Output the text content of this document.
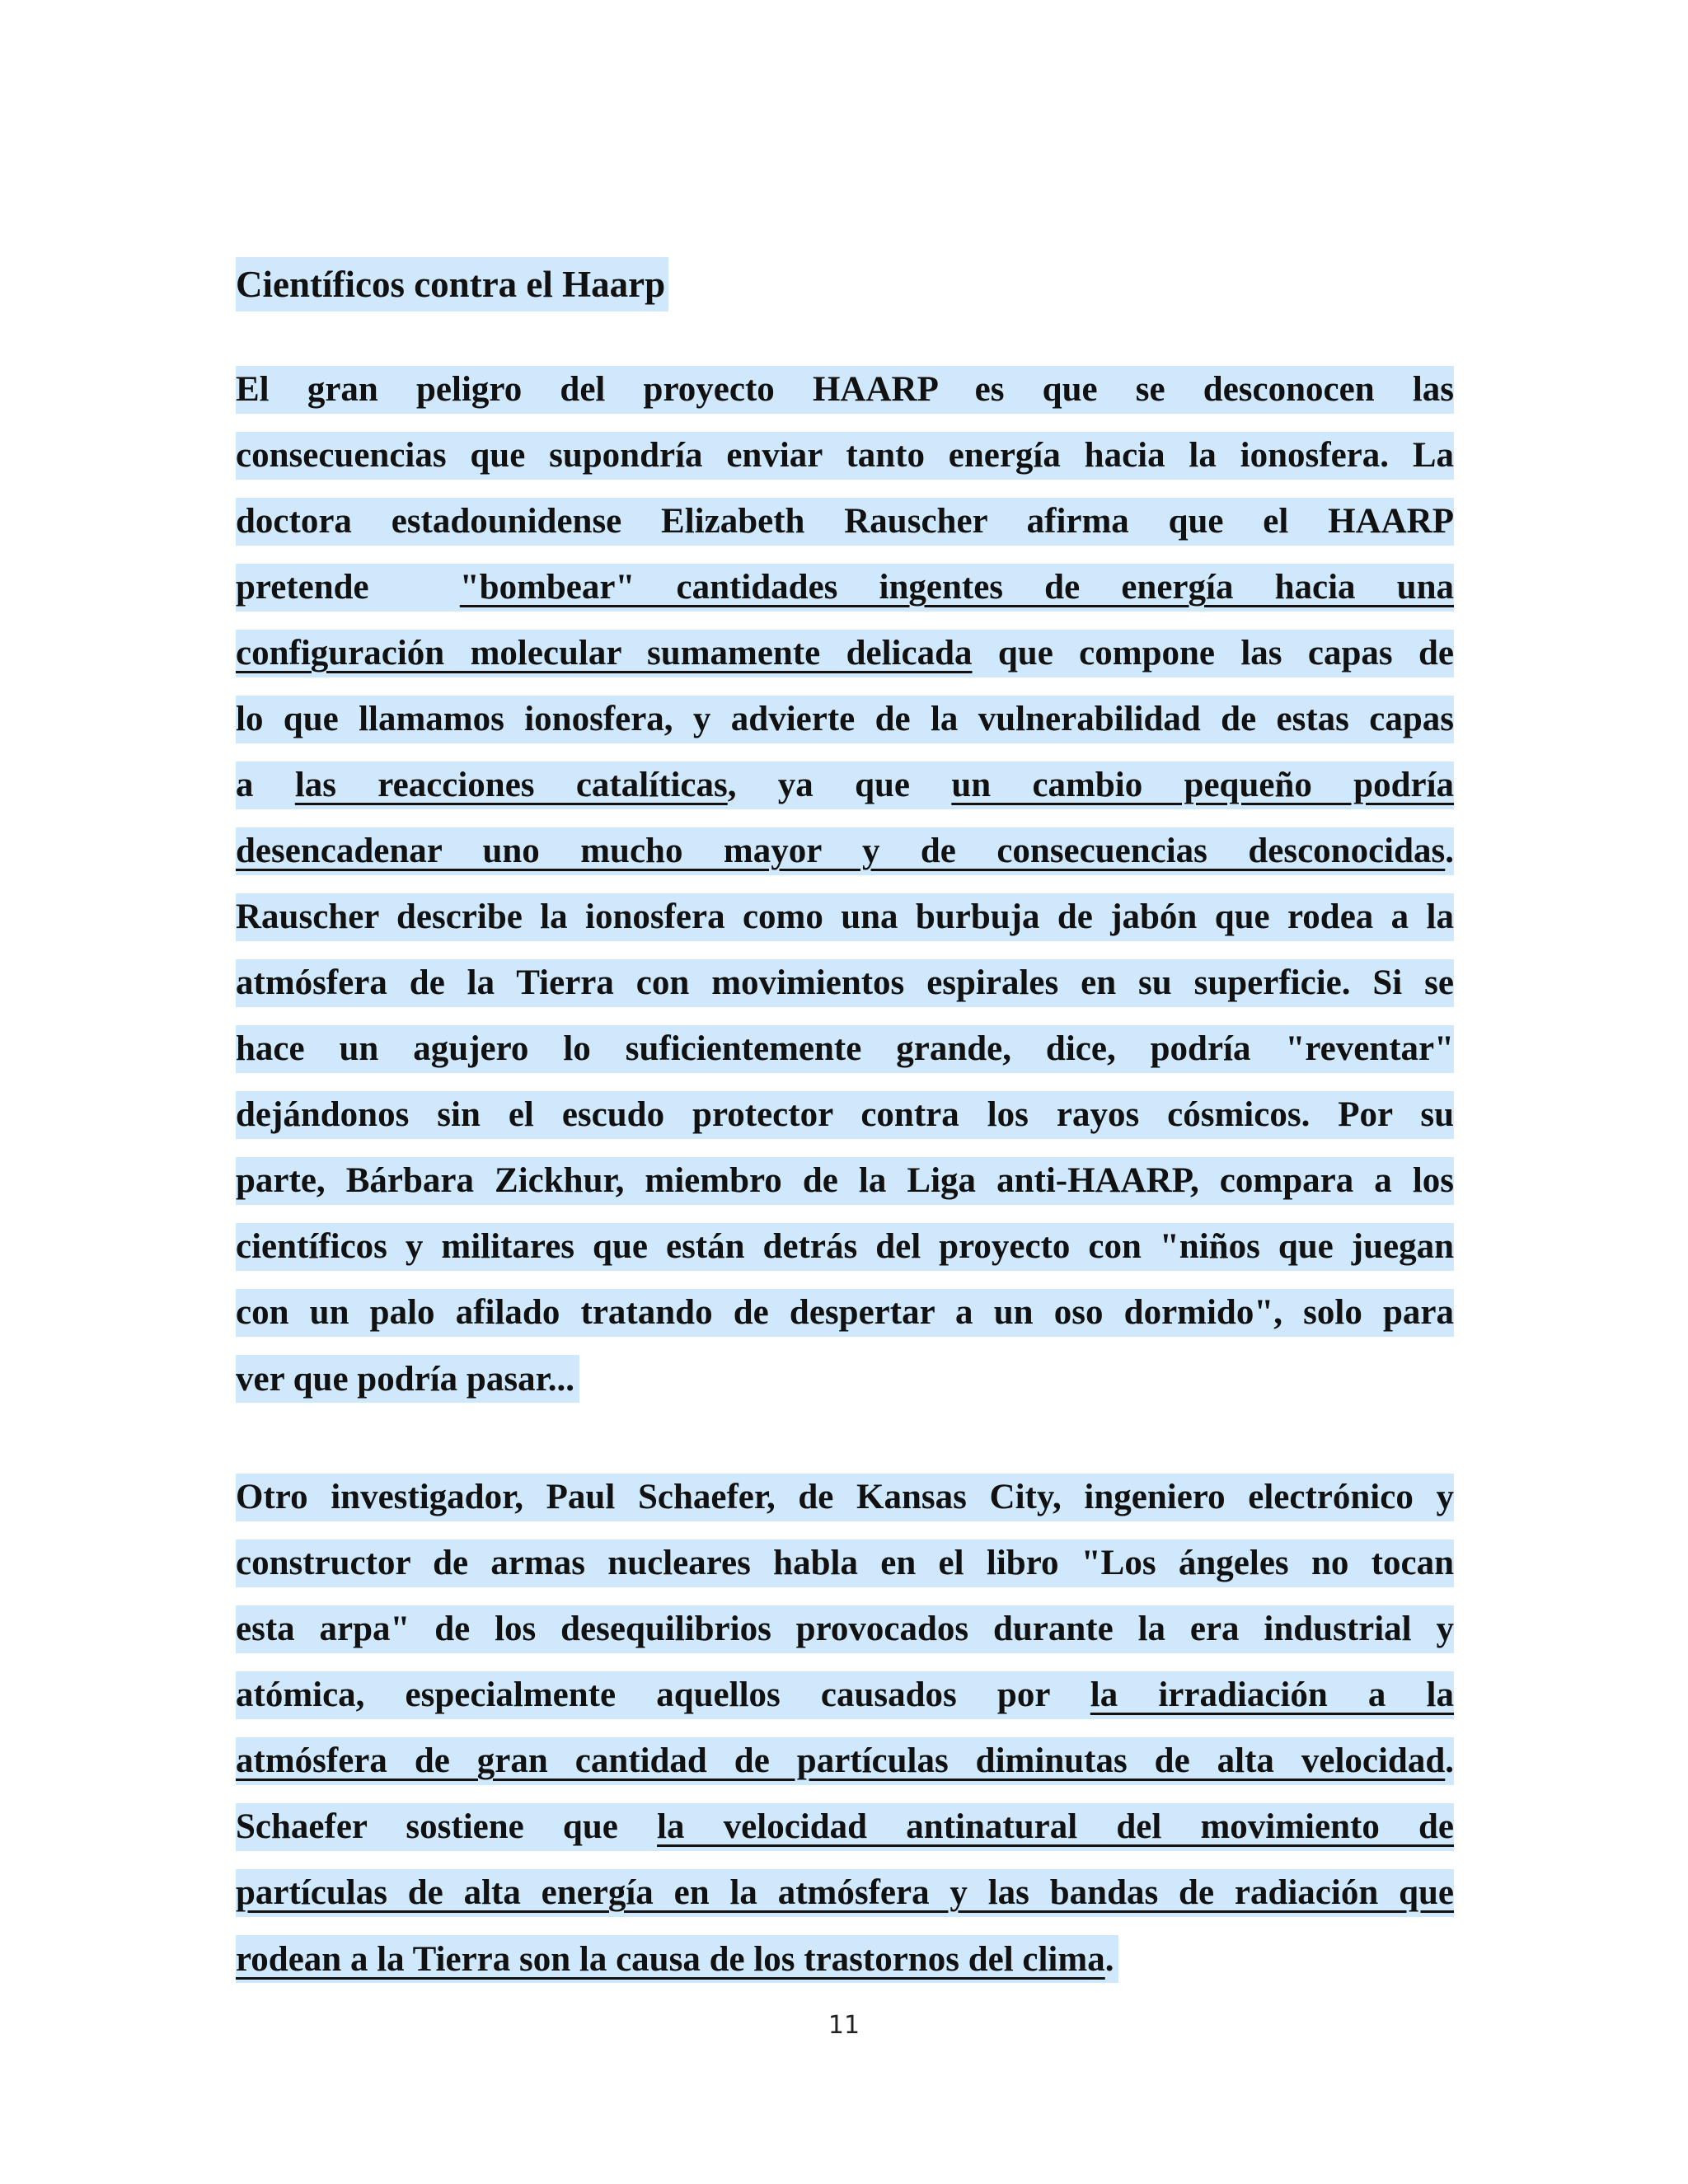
Científicos contra el Haarp
El gran peligro del proyecto HAARP es que se desconocen las
consecuencias que supondría enviar tanto energía hacia la ionosfera. La
doctora estadounidense Elizabeth Rauscher afirma que el HAARP
pretende	"bombear" cantidades ingentes de energía hacia una
configuración molecular sumamente delicada que compone las capas de
lo que llamamos ionosfera, y advierte de la vulnerabilidad de estas capas
a las reacciones catalíticas, ya que un cambio pequeño podría
desencadenar uno mucho mayor y de consecuencias desconocidas.
Rauscher describe la ionosfera como una burbuja de jabón que rodea a la
atmósfera de la Tierra con movimientos espirales en su superficie. Si se
hace un agujero lo suficientemente grande, dice, podría "reventar"
dejándonos sin el escudo protector contra los rayos cósmicos. Por su
parte, Bárbara Zickhur, miembro de la Liga anti-HAARP, compara a los
científicos y militares que están detrás del proyecto con "niños que juegan
con un palo afilado tratando de despertar a un oso dormido", solo para
ver que podría pasar...
Otro investigador, Paul Schaefer, de Kansas City, ingeniero electrónico y
constructor de armas nucleares habla en el libro "Los ángeles no tocan
esta arpa" de los desequilibrios provocados durante la era industrial y
atómica, especialmente aquellos causados por la irradiación a la
atmósfera de gran cantidad de partículas diminutas de alta velocidad.
Schaefer sostiene que la velocidad antinatural del movimiento de
partículas de alta energía en la atmósfera y las bandas de radiación que
rodean a la Tierra son la causa de los trastornos del clima .
11
